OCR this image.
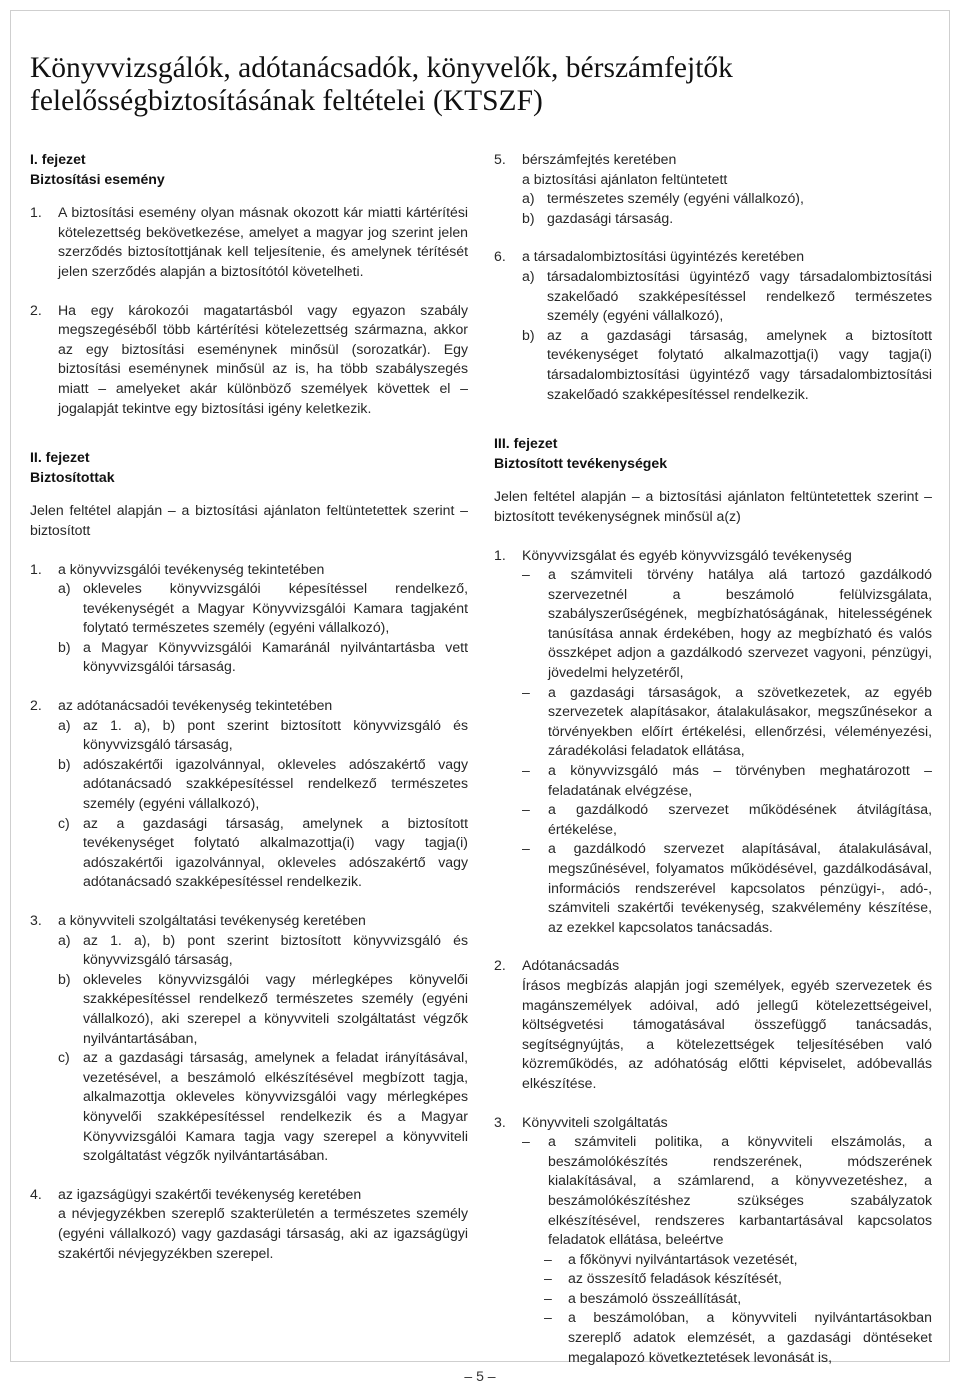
Könyvvizsgálók, adótanácsadók, könyvelők, bérszámfejtők felelősségbiztosításának feltételei (KTSZF)

I. fejezet

Biztosítási esemény

1.	A biztosítási esemény olyan másnak okozott kár miatti kártérítési kötelezettség bekövetkezése, amelyet a magyar jog szerint jelen szerződés biztosítottjának kell teljesítenie, és amelynek térítését jelen szerződés alapján a biztosítótól követelheti.
2.	Ha egy károkozói magatartásból vagy egyazon szabály megszegéséből több kártérítési kötelezettség származna, akkor az egy biztosítási eseménynek minősül (sorozatkár). Egy biztosítási eseménynek minősül az is, ha több szabályszegés miatt – amelyeket akár különböző személyek követtek el – jogalapját tekintve egy biztosítási igény keletkezik.

II. fejezet

Biztosítottak

Jelen feltétel alapján – a biztosítási ajánlaton feltüntetettek szerint – biztosított

1.	a könyvvizsgálói tevékenység tekintetében
a) okleveles könyvvizsgálói képesítéssel rendelkező, tevékenységét a Magyar Könyvvizsgálói Kamara tagjaként folytató természetes személy (egyéni vállalkozó),
b) a Magyar Könyvvizsgálói Kamaránál nyilvántartásba vett könyvvizsgálói társaság.
2.	az adótanácsadói tevékenység tekintetében
a) az 1. a), b) pont szerint biztosított könyvvizsgáló és könyvvizsgáló társaság,
b) adószakértői igazolvánnyal, okleveles adószakértő vagy adótanácsadó szakképesítéssel rendelkező természetes személy (egyéni vállalkozó),
c) az a gazdasági társaság, amelynek a biztosított tevékenységet folytató alkalmazottja(i) vagy tagja(i) adószakértői igazolvánnyal, okleveles adószakértő vagy adótanácsadó szakképesítéssel rendelkezik.
3.	a könyvviteli szolgáltatási tevékenység keretében
a) az 1. a), b) pont szerint biztosított könyvvizsgáló és könyvvizsgáló társaság,
b) okleveles könyvvizsgálói vagy mérlegképes könyvelői szakképesítéssel rendelkező természetes személy (egyéni vállalkozó), aki szerepel a könyvviteli szolgáltatást végzők nyilvántartásában,
c) az a gazdasági társaság, amelynek a feladat irányításával, vezetésével, a beszámoló elkészítésével megbízott tagja, alkalmazottja okleveles könyvvizsgálói vagy mérlegképes könyvelői szakképesítéssel rendelkezik és a Magyar Könyvvizsgálói Kamara tagja vagy szerepel a könyvviteli szolgáltatást végzők nyilvántartásában.
4.	az igazságügyi szakértői tevékenység keretében

a névjegyzékben szereplő szakterületén a természetes személy (egyéni vállalkozó) vagy gazdasági társaság, aki az igazságügyi szakértői névjegyzékben szerepel.

5.	bérszámfejtés keretében

a biztosítási ajánlaton feltüntetett

a) természetes személy (egyéni vállalkozó),
b) gazdasági társaság.
6.	a társadalombiztosítási ügyintézés keretében
a) társadalombiztosítási ügyintéző vagy társadalombiztosítási szakelőadó szakképesítéssel rendelkező természetes személy (egyéni vállalkozó),
b) az a gazdasági társaság, amelynek a biztosított tevékenységet folytató alkalmazottja(i) vagy tagja(i) társadalombiztosítási ügyintéző vagy társadalombiztosítási szakelőadó szakképesítéssel rendelkezik.

III. fejezet

Biztosított tevékenységek

Jelen feltétel alapján – a biztosítási ajánlaton feltüntetettek szerint – biztosított tevékenységnek minősül a(z)

1.	Könyvvizsgálat és egyéb könyvvizsgáló tevékenység
–	a számviteli törvény hatálya alá tartozó gazdálkodó szervezetnél a beszámoló felülvizsgálata, szabályszerűségének, megbízhatóságának, hitelességének tanúsítása annak érdekében, hogy az megbízható és valós összképet adjon a gazdálkodó szervezet vagyoni, pénzügyi, jövedelmi helyzetéről,
–	a gazdasági társaságok, a szövetkezetek, az egyéb szervezetek alapításakor, átalakulásakor, megszűnésekor a törvényekben előírt értékelési, ellenőrzési, véleményezési, záradékolási feladatok ellátása,
–	a könyvvizsgáló más – törvényben meghatározott – feladatának elvégzése,
–	a gazdálkodó szervezet működésének átvilágítása, értékelése,
–	a gazdálkodó szervezet alapításával, átalakulásával, megszűnésével, folyamatos működésével, gazdálkodásával, információs rendszerével kapcsolatos pénzügyi-, adó-, számviteli szakértői tevékenység, szakvélemény készítése, az ezekkel kapcsolatos tanácsadás.
2.	Adótanácsadás

Írásos megbízás alapján jogi személyek, egyéb szervezetek és magánszemélyek adóival, adó jellegű kötelezettségeivel, költségvetési támogatásával összefüggő tanácsadás, segítségnyújtás, a kötelezettségek teljesítésében való közreműködés, az adóhatóság előtti képviselet, adóbevallás elkészítése.

3.	Könyvviteli szolgáltatás
–	a számviteli politika, a könyvviteli elszámolás, a beszámolókészítés rendszerének, módszerének kialakításával, a számlarend, a könyvvezetéshez, a beszámolókészítéshez szükséges szabályzatok elkészítésével, rendszeres karbantartásával kapcsolatos feladatok ellátása, beleértve
–	a főkönyvi nyilvántartások vezetését,
–	az összesítő feladások készítését,
–	a beszámoló összeállítását,
–	a beszámolóban, a könyvviteli nyilvántartásokban szereplő adatok elemzését, a gazdasági döntéseket megalapozó következtetések levonását is,
– 5 –
